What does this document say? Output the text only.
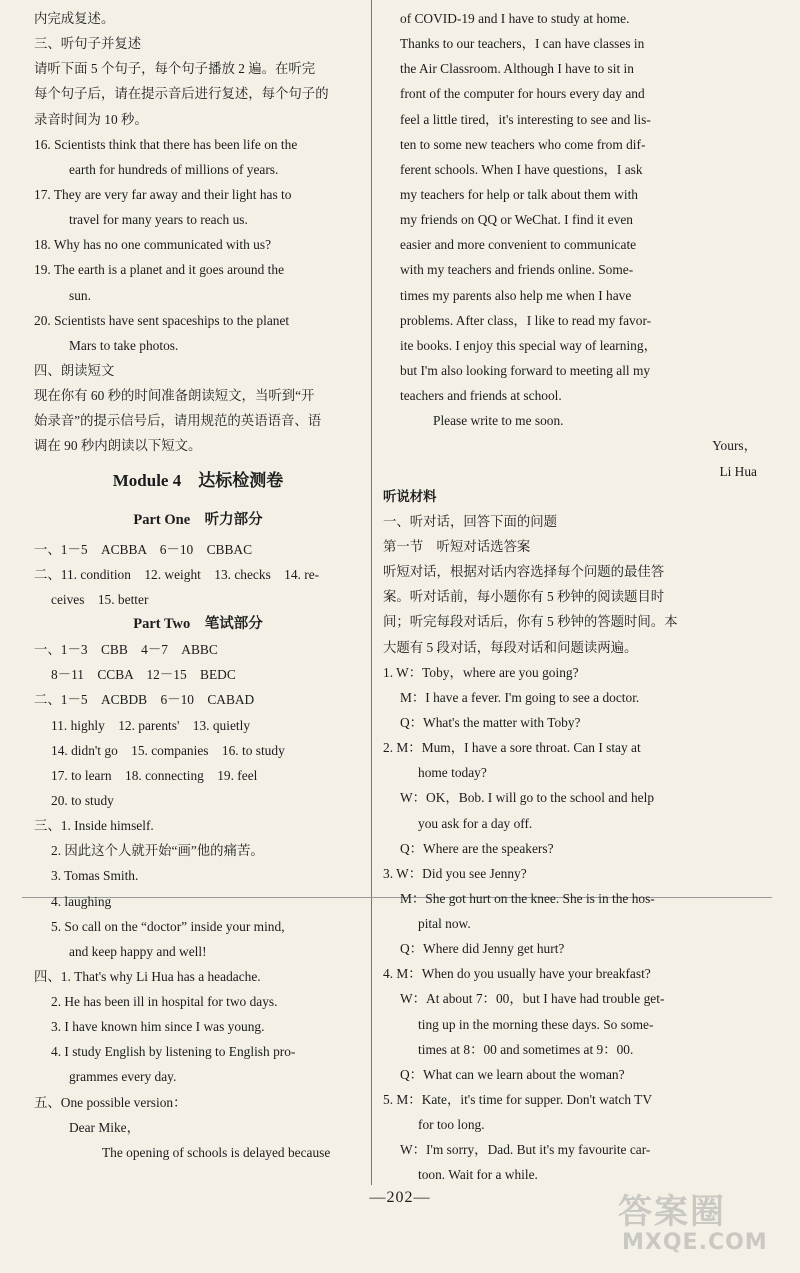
内完成复述。
三、听句子并复述
请听下面 5 个句子，每个句子播放 2 遍。在听完
每个句子后，请在提示音后进行复述，每个句子的
录音时间为 10 秒。
16. Scientists think that there has been life on the
earth for hundreds of millions of years.
17. They are very far away and their light has to
travel for many years to reach us.
18. Why has no one communicated with us?
19. The earth is a planet and it goes around the
sun.
20. Scientists have sent spaceships to the planet
Mars to take photos.
四、朗读短文
现在你有 60 秒的时间准备朗读短文，当听到“开
始录音”的提示信号后，请用规范的英语语音、语
调在 90 秒内朗读以下短文。
Module 4　达标检测卷
Part One　听力部分
一、1－5　ACBBA　6－10　CBBAC
二、11. condition　12. weight　13. checks　14. re-
ceives　15. better
Part Two　笔试部分
一、1－3　CBB　4－7　ABBC
8－11　CCBA　12－15　BEDC
二、1－5　ACBDB　6－10　CABAD
11. highly　12. parents'　13. quietly
14. didn't go　15. companies　16. to study
17. to learn　18. connecting　19. feel
20. to study
三、1. Inside himself.
2. 因此这个人就开始“画”他的痛苦。
3. Tomas Smith.
4. laughing
5. So call on the “doctor” inside your mind,
and keep happy and well!
四、1. That's why Li Hua has a headache.
2. He has been ill in hospital for two days.
3. I have known him since I was young.
4. I study English by listening to English pro-
grammes every day.
五、One possible version：
Dear Mike，
The opening of schools is delayed because
of COVID-19 and I have to study at home.
Thanks to our teachers，I can have classes in
the Air Classroom. Although I have to sit in
front of the computer for hours every day and
feel a little tired，it's interesting to see and lis-
ten to some new teachers who come from dif-
ferent schools. When I have questions，I ask
my teachers for help or talk about them with
my friends on QQ or WeChat. I find it even
easier and more convenient to communicate
with my teachers and friends online. Some-
times my parents also help me when I have
problems. After class，I like to read my favor-
ite books. I enjoy this special way of learning，
but I'm also looking forward to meeting all my
teachers and friends at school.
Please write to me soon.
Yours，
Li Hua
听说材料
一、听对话，回答下面的问题
第一节　听短对话选答案
听短对话，根据对话内容选择每个问题的最佳答
案。听对话前，每小题你有 5 秒钟的阅读题目时
间；听完每段对话后，你有 5 秒钟的答题时间。本
大题有 5 段对话，每段对话和问题读两遍。
1. W：Toby，where are you going?
M：I have a fever. I'm going to see a doctor.
Q：What's the matter with Toby?
2. M：Mum，I have a sore throat. Can I stay at
home today?
W：OK，Bob. I will go to the school and help
you ask for a day off.
Q：Where are the speakers?
3. W：Did you see Jenny?
M：She got hurt on the knee. She is in the hos-
pital now.
Q：Where did Jenny get hurt?
4. M：When do you usually have your breakfast?
W：At about 7：00，but I have had trouble get-
ting up in the morning these days. So some-
times at 8：00 and sometimes at 9：00.
Q：What can we learn about the woman?
5. M：Kate，it's time for supper. Don't watch TV
for too long.
W：I'm sorry，Dad. But it's my favourite car-
toon. Wait for a while.
—202—	答案圈
MXQE.COM
